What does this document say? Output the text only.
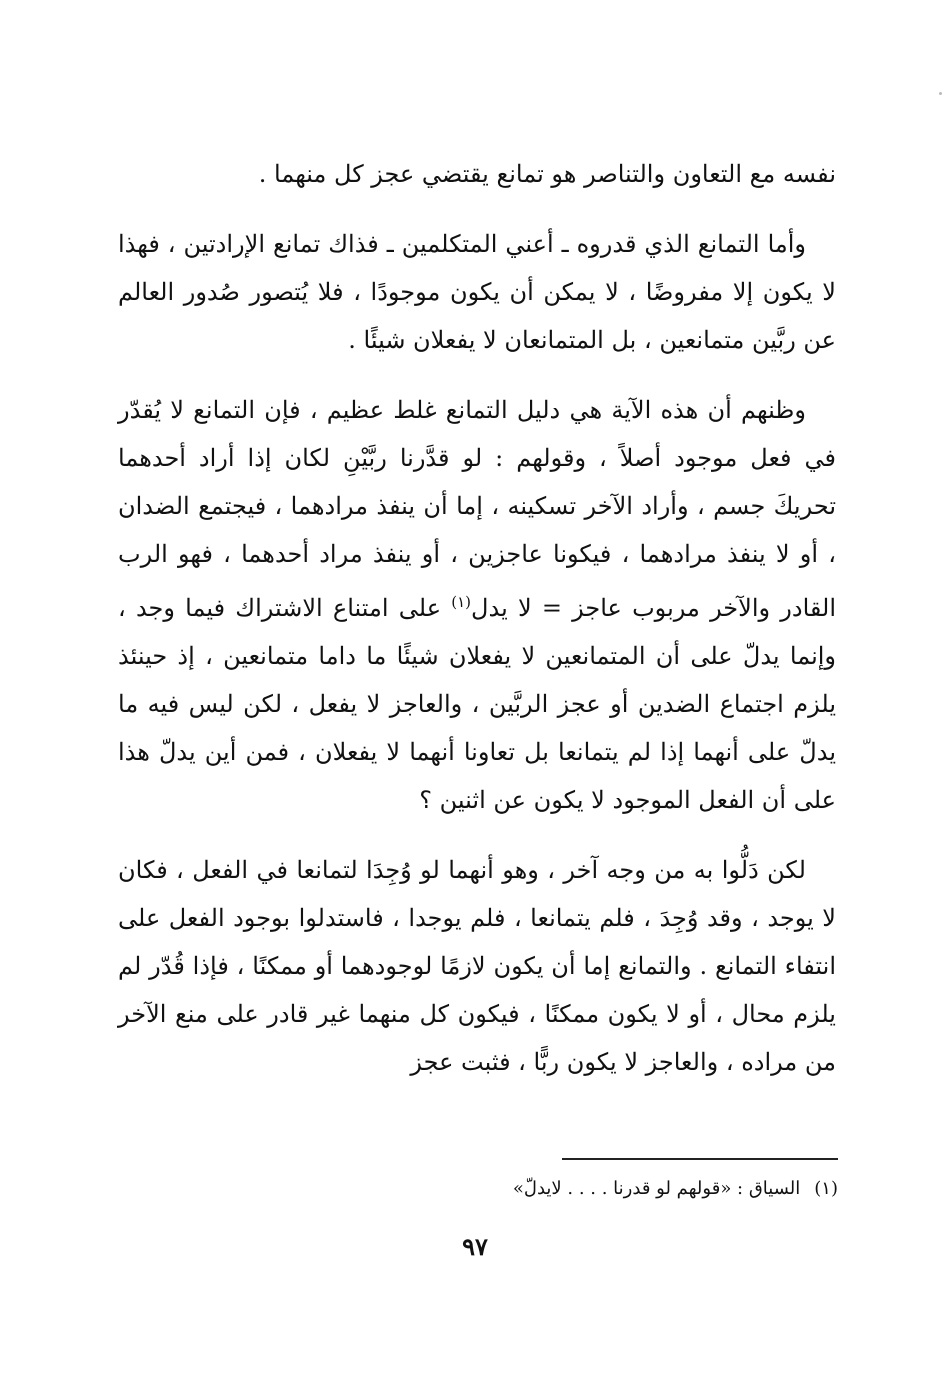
نفسه مع التعاون والتناصر هو تمانع يقتضي عجز كل منهما .

وأما التمانع الذي قدروه ـ أعني المتكلمين ـ فذاك تمانع الإرادتين ، فهذا لا يكون إلا مفروضًا ، لا يمكن أن يكون موجودًا ، فلا يُتصور صُدور العالم عن ربَّين متمانعين ، بل المتمانعان لا يفعلان شيئًا .

وظنهم أن هذه الآية هي دليل التمانع غلط عظيم ، فإن التمانع لا يُقدّر في فعل موجود أصلاً ، وقولهم : لو قدَّرنا ربَّيْنِ لكان إذا أراد أحدهما تحريكَ جسم ، وأراد الآخر تسكينه ، إما أن ينفذ مرادهما ، فيجتمع الضدان ، أو لا ينفذ مرادهما ، فيكونا عاجزين ، أو ينفذ مراد أحدهما ، فهو الرب القادر والآخر مربوب عاجز = لا يدل$^{(١)}$ على امتناع الاشتراك فيما وجد ، وإنما يدلّ على أن المتمانعين لا يفعلان شيئًا ما داما متمانعين ، إذ حينئذ يلزم اجتماع الضدين أو عجز الربَّين ، والعاجز لا يفعل ، لكن ليس فيه ما يدلّ على أنهما إذا لم يتمانعا بل تعاونا أنهما لا يفعلان ، فمن أين يدلّ هذا على أن الفعل الموجود لا يكون عن اثنين ؟

لكن دَلُّوا به من وجه آخر ، وهو أنهما لو وُجِدَا لتمانعا في الفعل ، فكان لا يوجد ، وقد وُجِدَ ، فلم يتمانعا ، فلم يوجدا ، فاستدلوا بوجود الفعل على انتفاء التمانع . والتمانع إما أن يكون لازمًا لوجودهما أو ممكنًا ، فإذا قُدّر لم يلزم محال ، أو لا يكون ممكنًا ، فيكون كل منهما غير قادر على منع الآخر من مراده ، والعاجز لا يكون ربًّا ، فثبت عجز

(١)السياق : «قولهم لو قدرنا . . . . لايدلّ»
٩٧
